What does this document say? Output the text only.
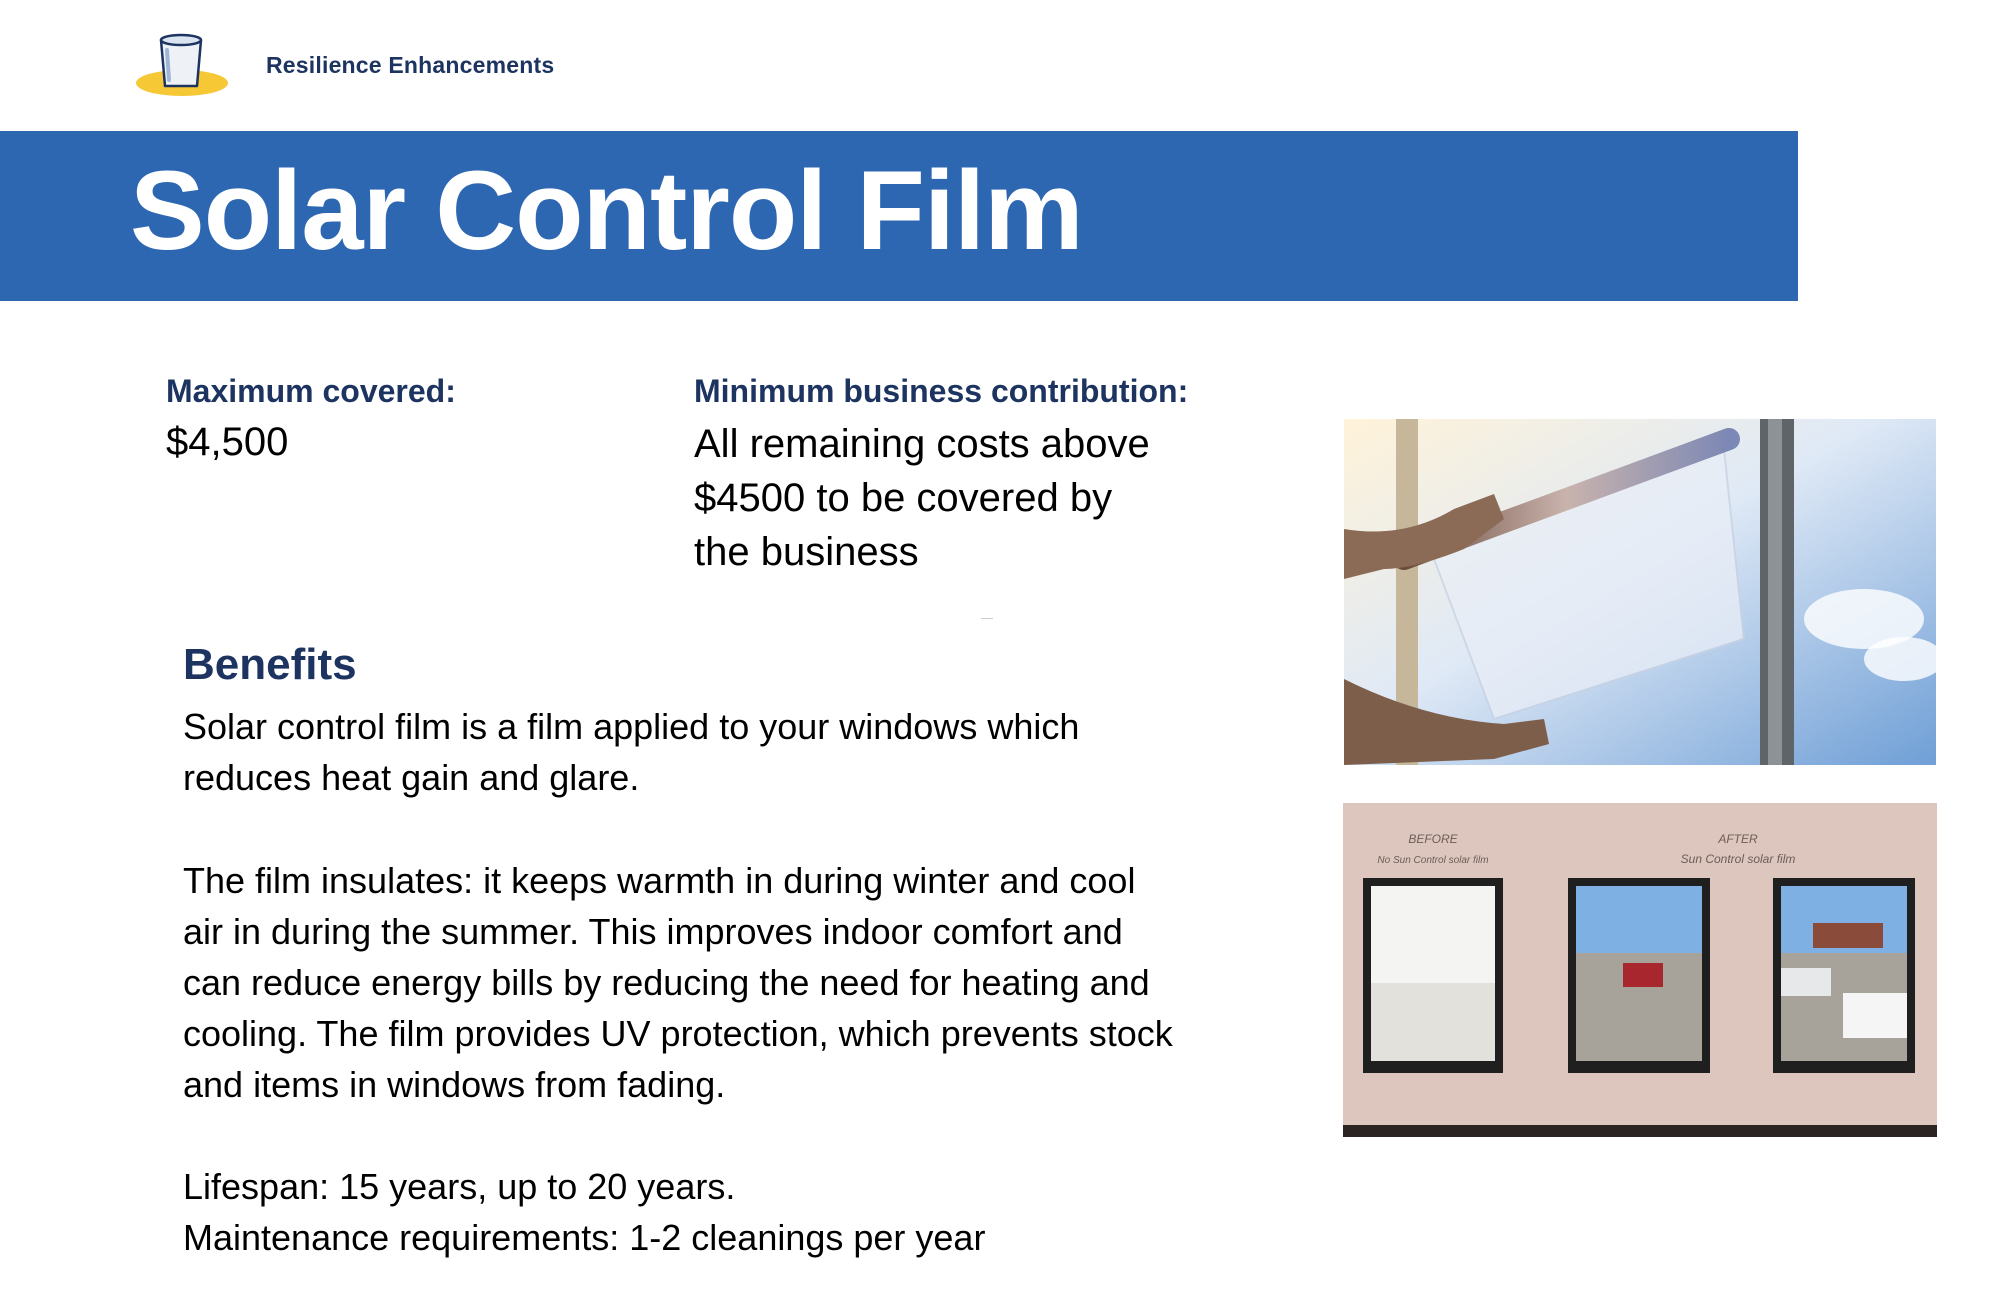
Resilience Enhancements
Solar Control Film
Maximum covered:
$4,500
Minimum business contribution:
All remaining costs above
$4500 to be covered by
the business
Benefits
Solar control film is a film applied to your windows which
reduces heat gain and glare.
The film insulates: it keeps warmth in during winter and cool
air in during the summer. This improves indoor comfort and
can reduce energy bills by reducing the need for heating and
cooling. The film provides UV protection, which prevents stock
and items in windows from fading.
Lifespan: 15 years, up to 20 years.
Maintenance requirements: 1-2 cleanings per year
BEFORE
No Sun Control solar film
AFTER
Sun Control solar film
